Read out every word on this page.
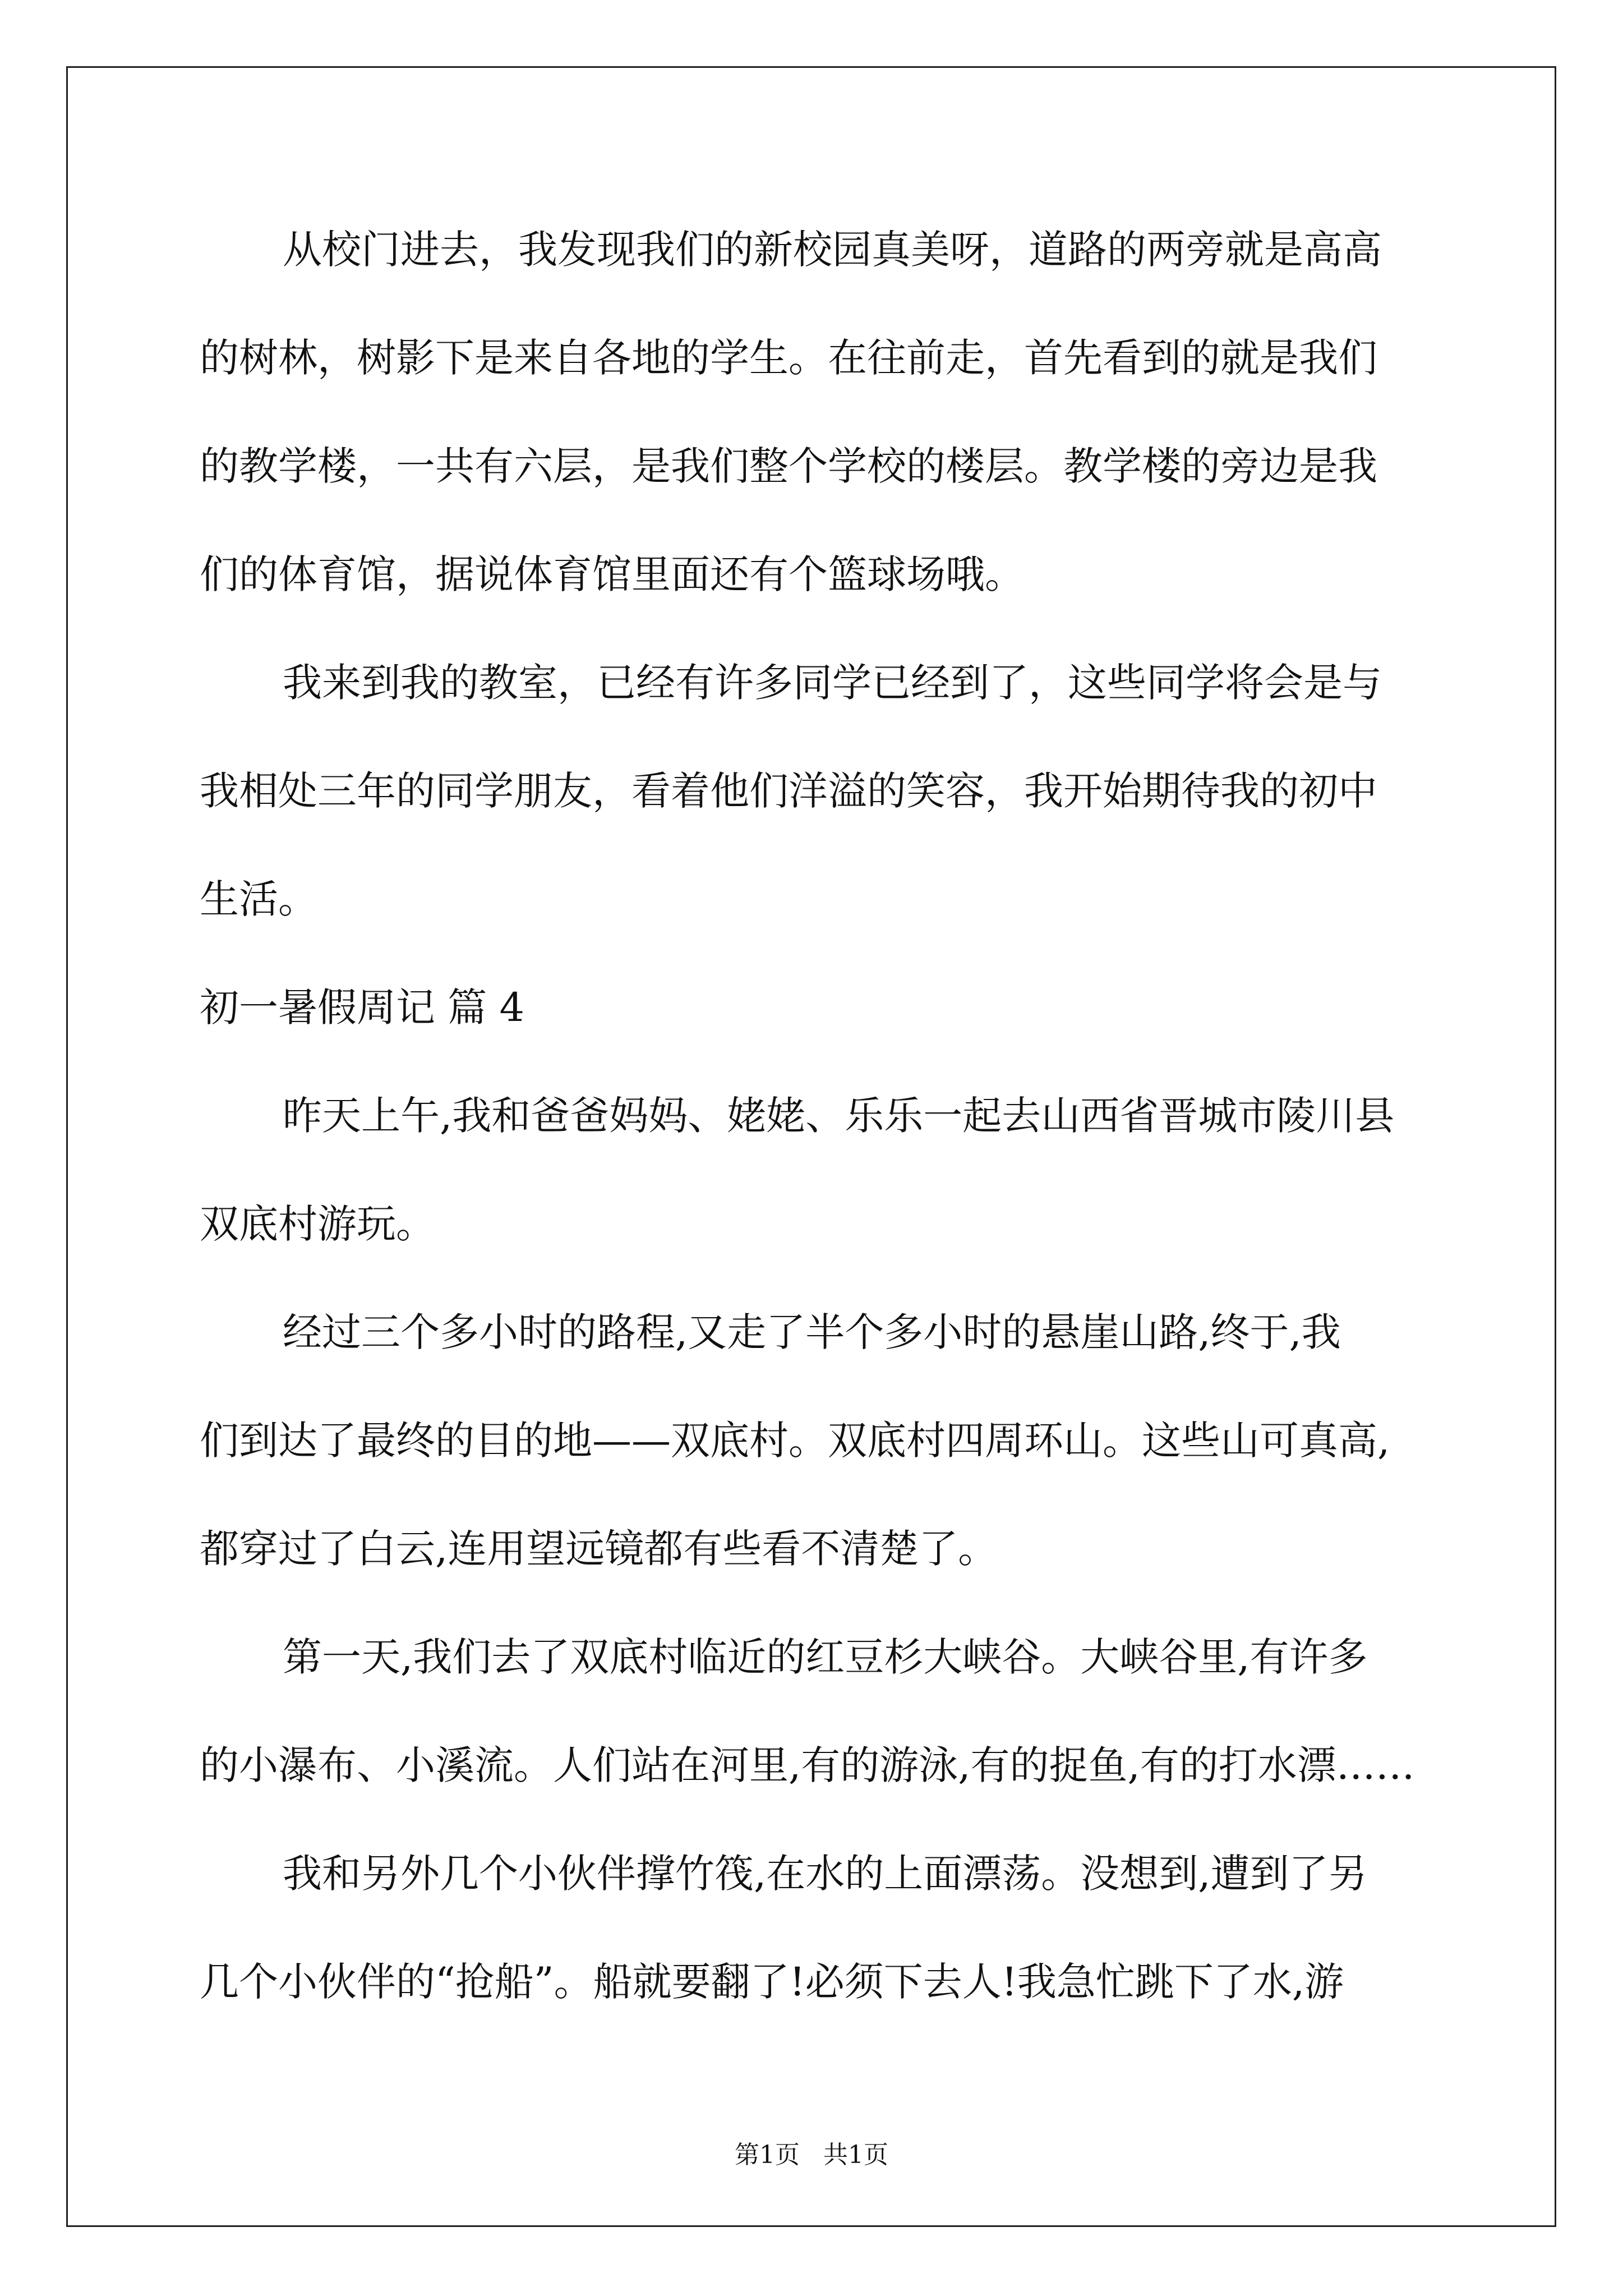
从校门进去，我发现我们的新校园真美呀，道路的两旁就是高高
的树林，树影下是来自各地的学生。在往前走，首先看到的就是我们
的教学楼，一共有六层，是我们整个学校的楼层。教学楼的旁边是我
们的体育馆，据说体育馆里面还有个篮球场哦。
我来到我的教室，已经有许多同学已经到了，这些同学将会是与
我相处三年的同学朋友，看着他们洋溢的笑容，我开始期待我的初中
生活。
初一暑假周记 篇 4
昨天上午,我和爸爸妈妈、姥姥、乐乐一起去山西省晋城市陵川县
双底村游玩。
经过三个多小时的路程,又走了半个多小时的悬崖山路,终于,我
们到达了最终的目的地——双底村。双底村四周环山。这些山可真高,
都穿过了白云,连用望远镜都有些看不清楚了。
第一天,我们去了双底村临近的红豆杉大峡谷。大峡谷里,有许多
的小瀑布、小溪流。人们站在河里,有的游泳,有的捉鱼,有的打水漂……
我和另外几个小伙伴撑竹筏,在水的上面漂荡。没想到,遭到了另
几个小伙伴的“抢船”。船就要翻了!必须下去人!我急忙跳下了水,游
第1页   共1页
